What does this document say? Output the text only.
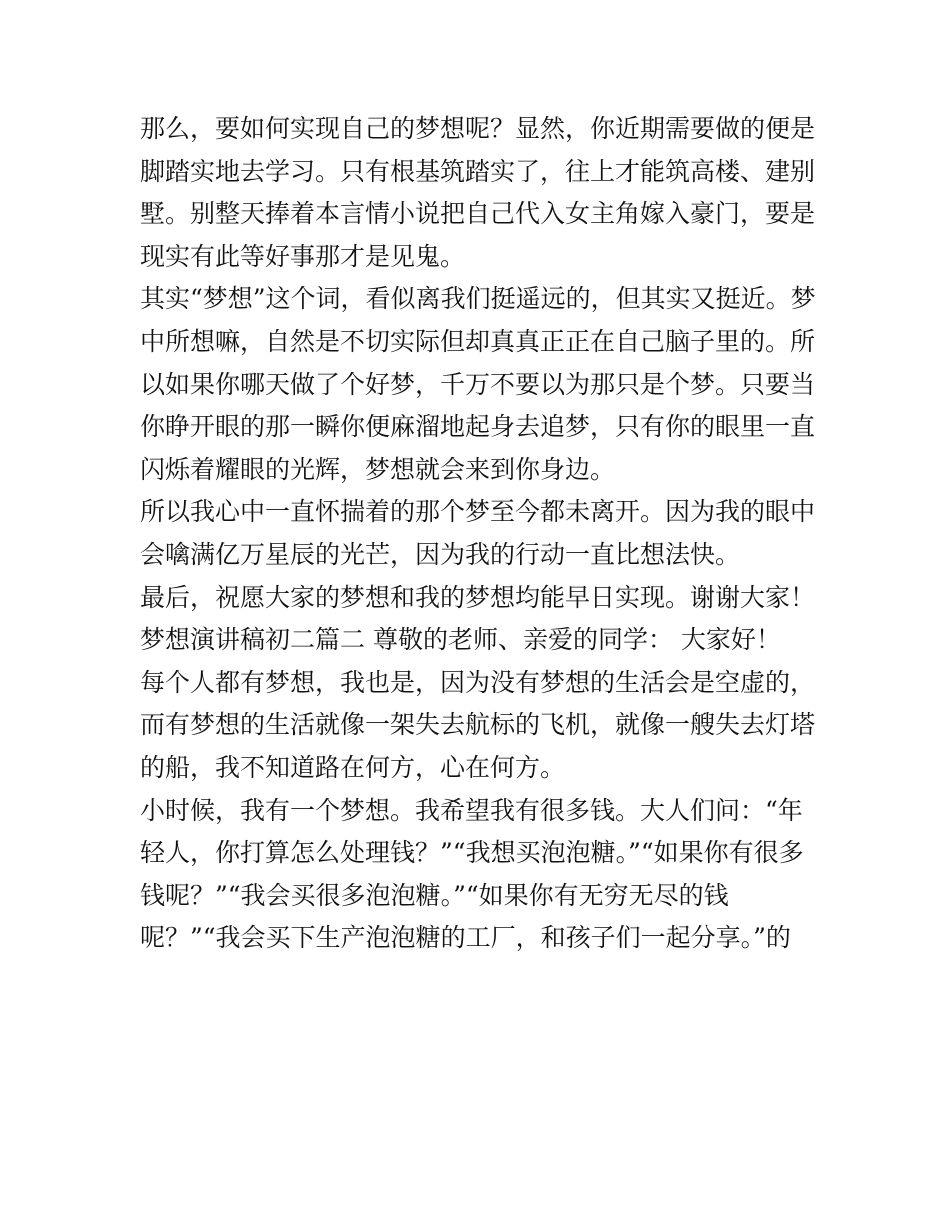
那么，要如何实现自己的梦想呢？显然，你近期需要做的便是
脚踏实地去学习。只有根基筑踏实了，往上才能筑高楼、建别
墅。别整天捧着本言情小说把自己代入女主角嫁入豪门，要是
现实有此等好事那才是见鬼。
其实“梦想”这个词，看似离我们挺遥远的，但其实又挺近。梦
中所想嘛，自然是不切实际但却真真正正在自己脑子里的。所
以如果你哪天做了个好梦，千万不要以为那只是个梦。只要当
你睁开眼的那一瞬你便麻溜地起身去追梦，只有你的眼里一直
闪烁着耀眼的光辉，梦想就会来到你身边。
所以我心中一直怀揣着的那个梦至今都未离开。因为我的眼中
会噙满亿万星辰的光芒，因为我的行动一直比想法快。
最后，祝愿大家的梦想和我的梦想均能早日实现。谢谢大家！
梦想演讲稿初二篇二 尊敬的老师、亲爱的同学： 大家好！
每个人都有梦想，我也是，因为没有梦想的生活会是空虚的，
而有梦想的生活就像一架失去航标的飞机，就像一艘失去灯塔
的船，我不知道路在何方，心在何方。
小时候，我有一个梦想。我希望我有很多钱。大人们问：“年
轻人，你打算怎么处理钱？”“我想买泡泡糖。”“如果你有很多
钱呢？”“我会买很多泡泡糖。”“如果你有无穷无尽的钱
呢？”“我会买下生产泡泡糖的工厂，和孩子们一起分享。”的
